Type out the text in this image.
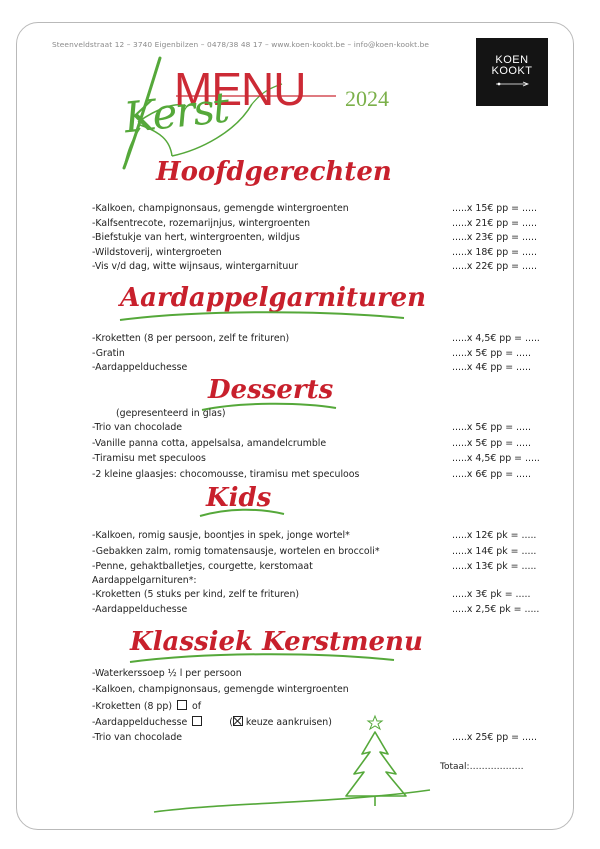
Steenveldstraat 12 – 3740 Eigenbilzen – 0478/38 48 17 – www.koen-kookt.be – info@koen-kookt.be
KOEN
KOOKT
MENU 2024
Kerst
Hoofdgerechten
Aardappelgarnituren
Desserts
(gepresenteerd in glas)
Kids
Klassiek Kerstmenu
-Kalkoen, champignonsaus, gemengde wintergroenten	.....x 15€ pp = .....
-Kalfsentrecote, rozemarijnjus, wintergroenten	.....x 21€ pp = .....
-Biefstukje van hert, wintergroenten, wildjus	.....x 23€ pp = .....
-Wildstoverij, wintergroeten	.....x 18€ pp = .....
-Vis v/d dag, witte wijnsaus, wintergarnituur	.....x 22€ pp = .....
-Kroketten (8 per persoon, zelf te frituren)	.....x 4,5€ pp = .....
-Gratin	.....x 5€ pp = .....
-Aardappelduchesse	.....x 4€ pp = .....
-Trio van chocolade	.....x 5€ pp = .....
-Vanille panna cotta, appelsalsa, amandelcrumble	.....x 5€ pp = .....
-Tiramisu met speculoos	.....x 4,5€ pp = .....
-2 kleine glaasjes: chocomousse, tiramisu met speculoos	.....x 6€ pp = .....
-Kalkoen, romig sausje, boontjes in spek, jonge wortel*	.....x 12€ pk = .....
-Gebakken zalm, romig tomatensausje, wortelen en broccoli*	.....x 14€ pk = .....
-Penne, gehaktballetjes, courgette, kerstomaat	.....x 13€ pk = .....
Aardappelgarnituren*:
-Kroketten (5 stuks per kind, zelf te frituren)	.....x 3€ pk = .....
-Aardappelduchesse	.....x 2,5€ pk = .....
-Waterkerssoep ½ l per persoon
-Kalkoen, champignonsaus, gemengde wintergroenten
-Kroketten (8 pp) of
-Aardappelduchesse	( keuze aankruisen)
-Trio van chocolade	.....x 25€ pp = .....
Totaal:………………
